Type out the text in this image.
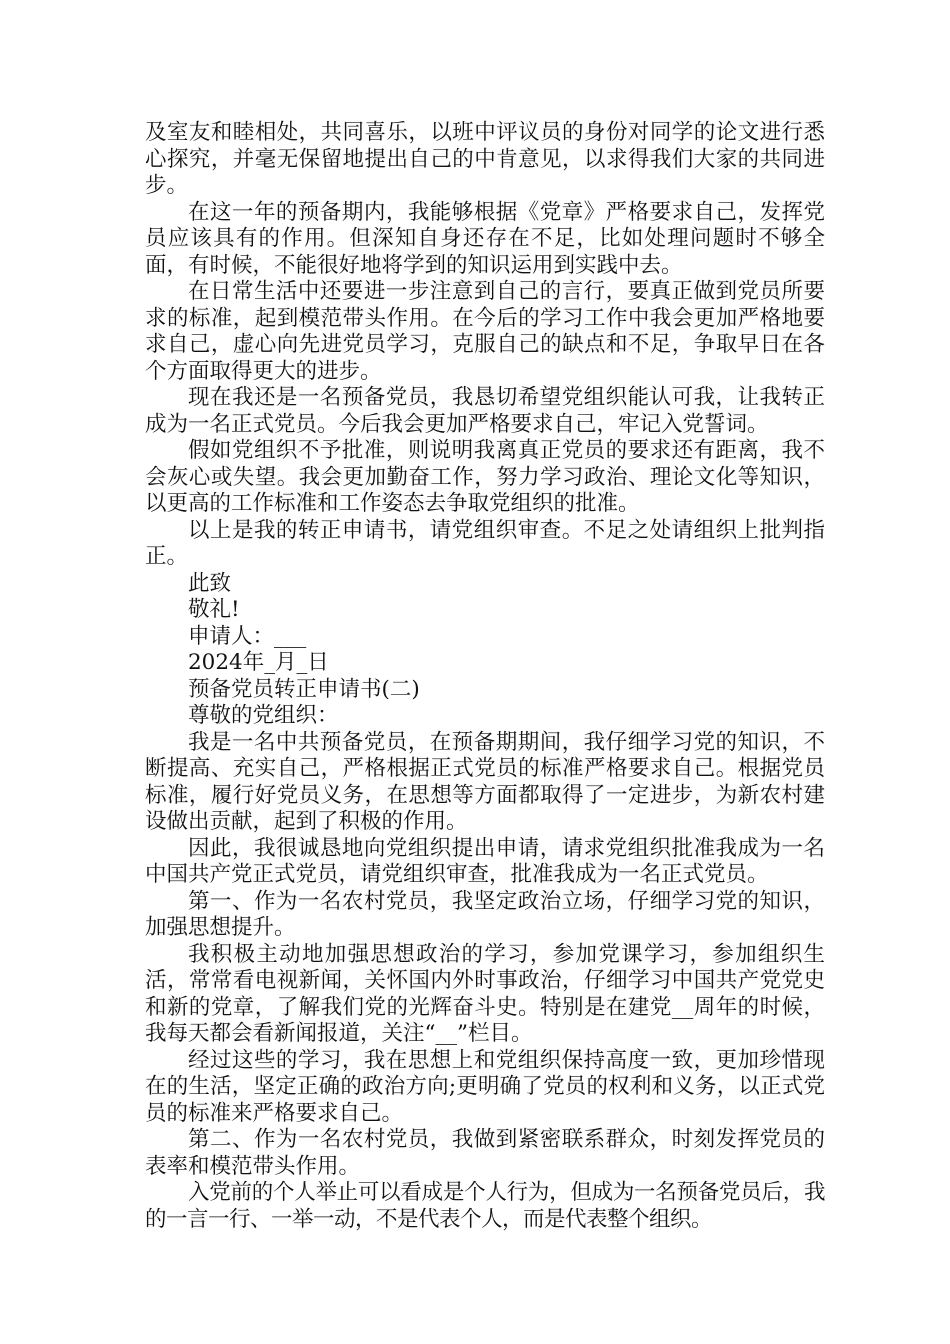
及室友和睦相处，共同喜乐，以班中评议员的身份对同学的论文进行悉心探究，并毫无保留地提出自己的中肯意见，以求得我们大家的共同进步。

在这一年的预备期内，我能够根据《党章》严格要求自己，发挥党员应该具有的作用。但深知自身还存在不足，比如处理问题时不够全面，有时候，不能很好地将学到的知识运用到实践中去。

在日常生活中还要进一步注意到自己的言行，要真正做到党员所要求的标准，起到模范带头作用。在今后的学习工作中我会更加严格地要求自己，虚心向先进党员学习，克服自己的缺点和不足，争取早日在各个方面取得更大的进步。

现在我还是一名预备党员，我恳切希望党组织能认可我，让我转正成为一名正式党员。今后我会更加严格要求自己，牢记入党誓词。

假如党组织不予批准，则说明我离真正党员的要求还有距离，我不会灰心或失望。我会更加勤奋工作，努力学习政治、理论文化等知识，以更高的工作标准和工作姿态去争取党组织的批准。

以上是我的转正申请书，请党组织审查。不足之处请组织上批判指正。

此致

敬礼!

申请人：___

2024年_月_日

预备党员转正申请书(二)

尊敬的党组织：

我是一名中共预备党员，在预备期期间，我仔细学习党的知识，不断提高、充实自己，严格根据正式党员的标准严格要求自己。根据党员标准，履行好党员义务，在思想等方面都取得了一定进步，为新农村建设做出贡献，起到了积极的作用。

因此，我很诚恳地向党组织提出申请，请求党组织批准我成为一名中国共产党正式党员，请党组织审查，批准我成为一名正式党员。

第一、作为一名农村党员，我坚定政治立场，仔细学习党的知识，加强思想提升。

我积极主动地加强思想政治的学习，参加党课学习，参加组织生活，常常看电视新闻，关怀国内外时事政治，仔细学习中国共产党党史和新的党章，了解我们党的光辉奋斗史。特别是在建党__周年的时候，我每天都会看新闻报道，关注“__”栏目。

经过这些的学习，我在思想上和党组织保持高度一致，更加珍惜现在的生活，坚定正确的政治方向;更明确了党员的权利和义务，以正式党员的标准来严格要求自己。

第二、作为一名农村党员，我做到紧密联系群众，时刻发挥党员的表率和模范带头作用。

入党前的个人举止可以看成是个人行为，但成为一名预备党员后，我的一言一行、一举一动，不是代表个人，而是代表整个组织。
